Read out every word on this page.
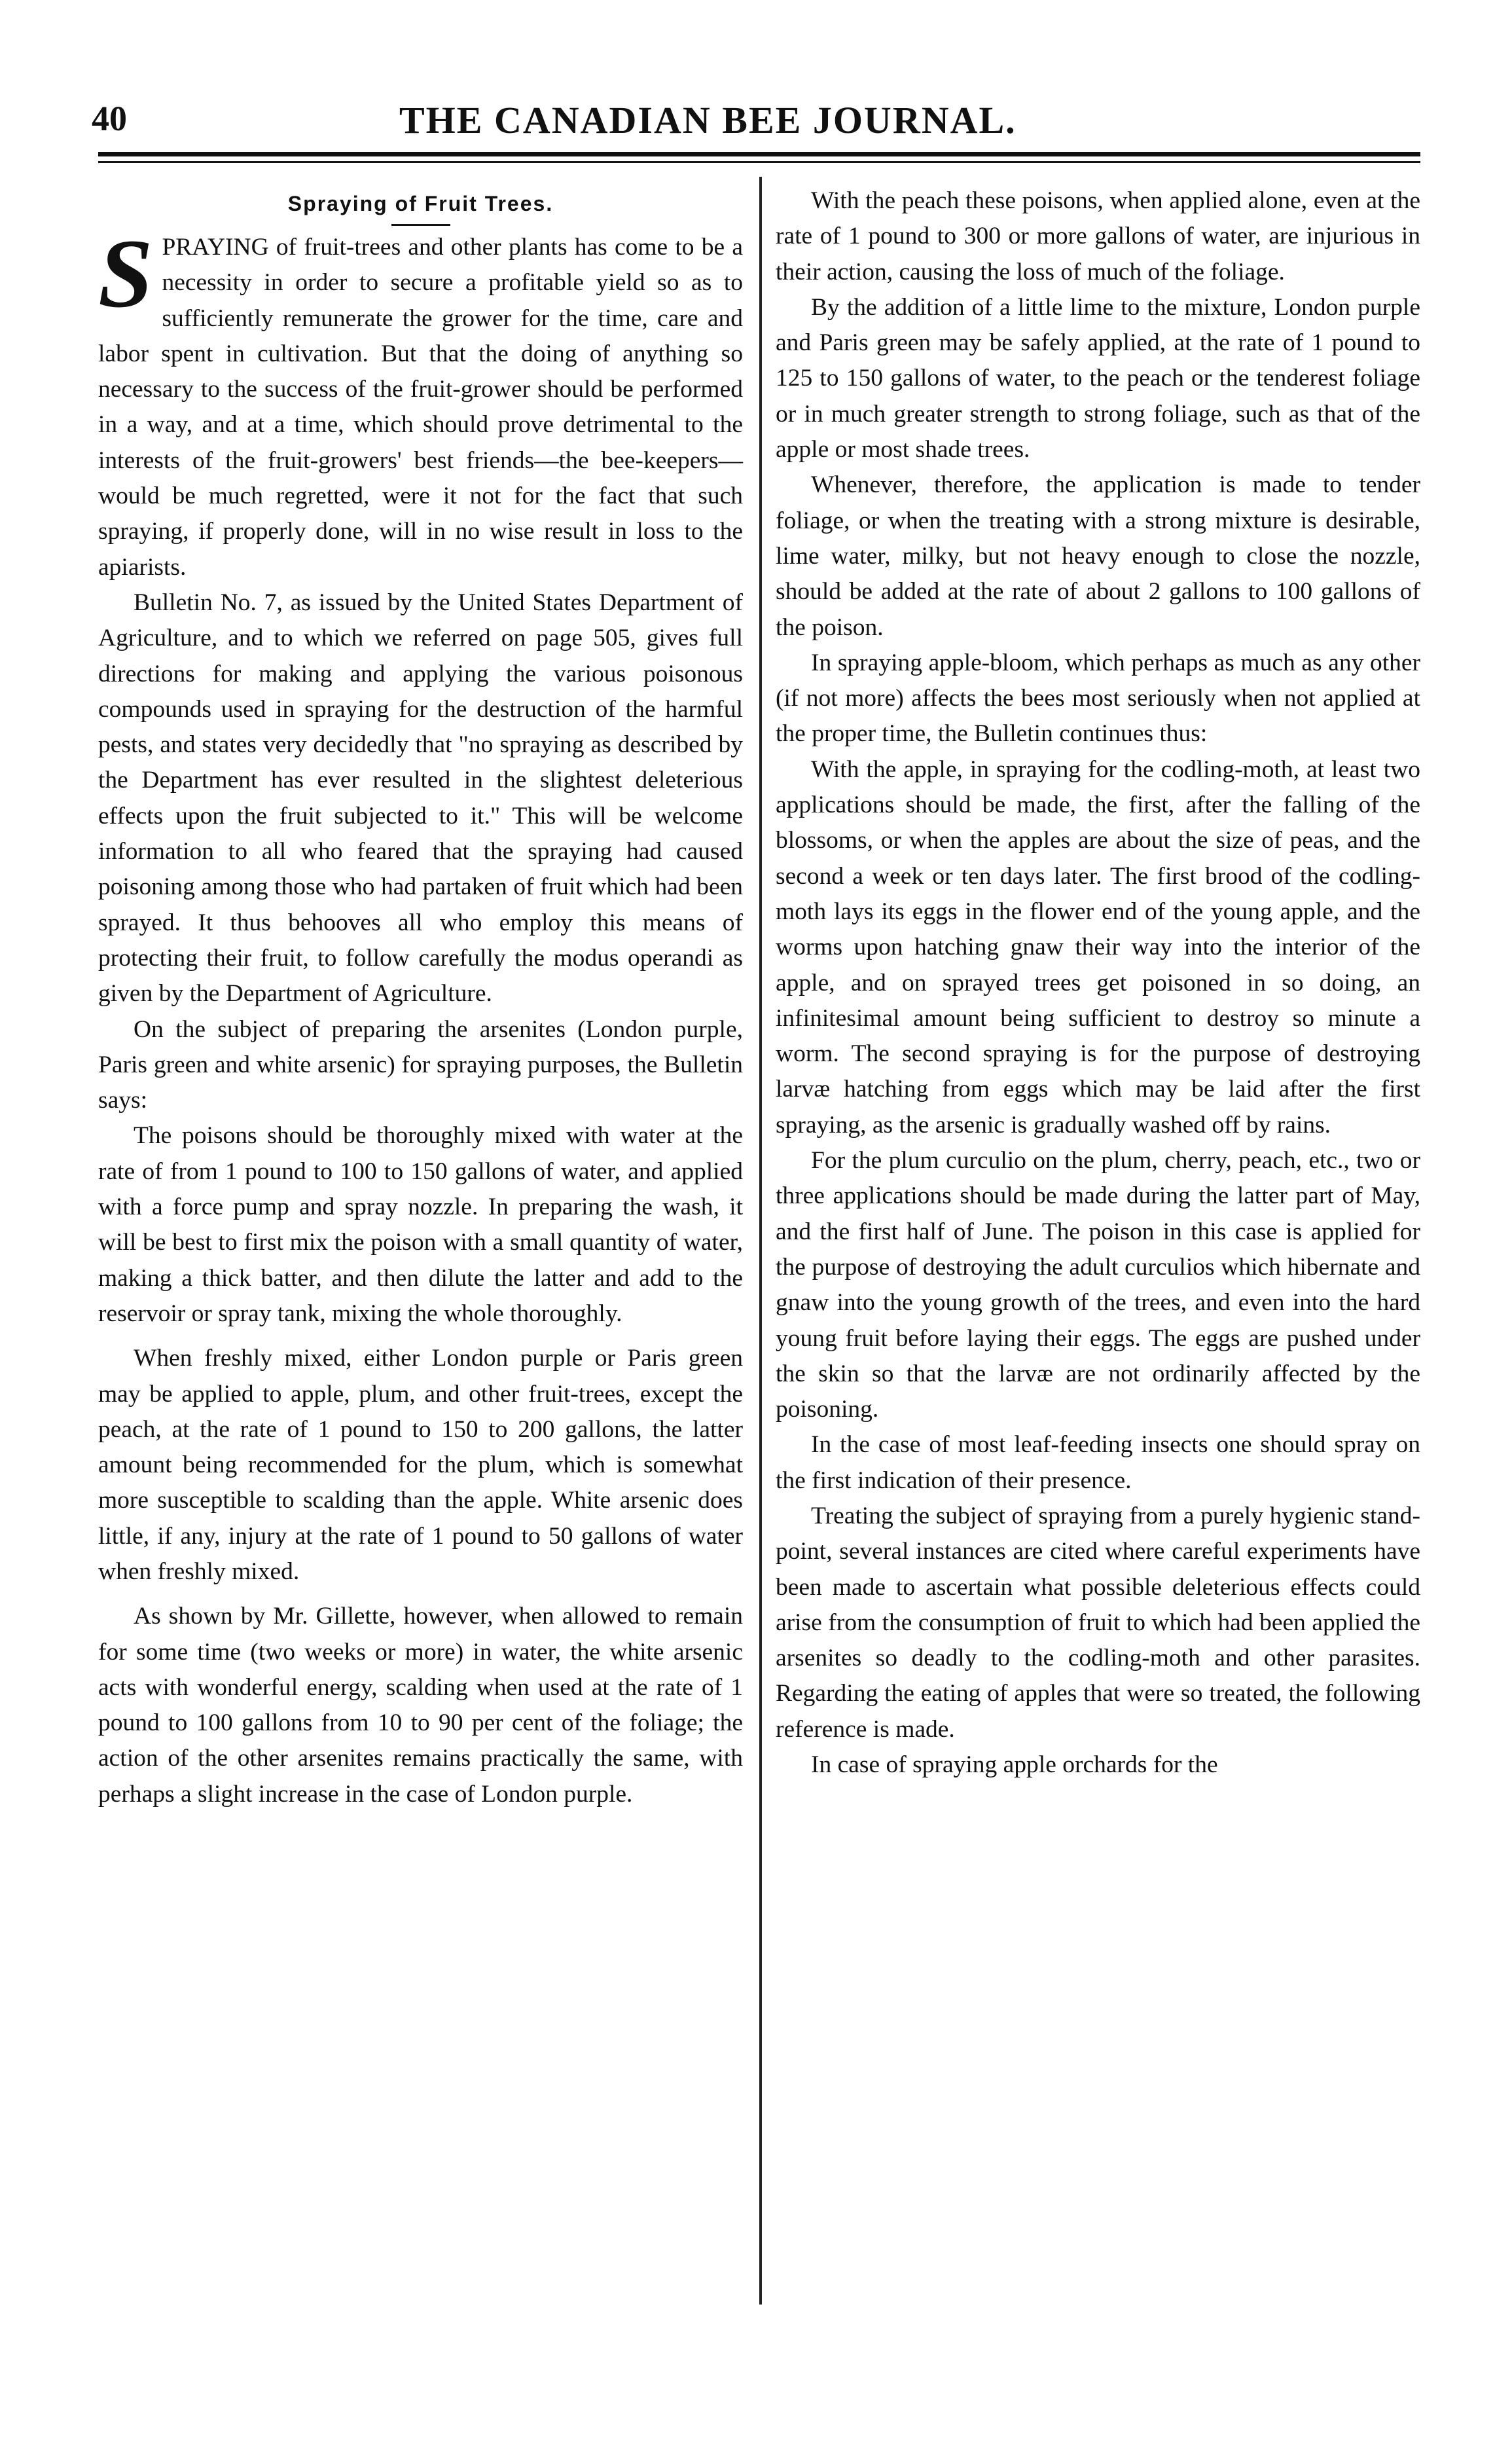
40	THE CANADIAN BEE JOURNAL.
Spraying of Fruit Trees.

SPRAYING of fruit-trees and other plants has come to be a necessity in order to secure a profitable yield so as to sufficiently remunerate the grower for the time, care and labor spent in cultivation. But that the doing of anything so necessary to the success of the fruit-grower should be performed in a way, and at a time, which should prove detrimental to the interests of the fruit-growers' best friends—the bee-keepers—would be much regretted, were it not for the fact that such spraying, if properly done, will in no wise result in loss to the apiarists.

Bulletin No. 7, as issued by the United States Department of Agriculture, and to which we referred on page 505, gives full directions for making and applying the various poisonous compounds used in spraying for the destruction of the harmful pests, and states very decidedly that "no spraying as described by the Department has ever resulted in the slightest deleterious effects upon the fruit subjected to it." This will be welcome information to all who feared that the spraying had caused poisoning among those who had partaken of fruit which had been sprayed. It thus behooves all who employ this means of protecting their fruit, to follow carefully the modus operandi as given by the Department of Agriculture.

On the subject of preparing the arsenites (London purple, Paris green and white arsenic) for spraying purposes, the Bulletin says:

The poisons should be thoroughly mixed with water at the rate of from 1 pound to 100 to 150 gallons of water, and applied with a force pump and spray nozzle. In preparing the wash, it will be best to first mix the poison with a small quantity of water, making a thick batter, and then dilute the latter and add to the reservoir or spray tank, mixing the whole thoroughly.

When freshly mixed, either London purple or Paris green may be applied to apple, plum, and other fruit-trees, except the peach, at the rate of 1 pound to 150 to 200 gallons, the latter amount being recommended for the plum, which is somewhat more susceptible to scalding than the apple. White arsenic does little, if any, injury at the rate of 1 pound to 50 gallons of water when freshly mixed.

As shown by Mr. Gillette, however, when allowed to remain for some time (two weeks or more) in water, the white arsenic acts with wonderful energy, scalding when used at the rate of 1 pound to 100 gallons from 10 to 90 per cent of the foliage; the action of the other arsenites remains practically the same, with perhaps a slight increase in the case of London purple.

With the peach these poisons, when applied alone, even at the rate of 1 pound to 300 or more gallons of water, are injurious in their action, causing the loss of much of the foliage.

By the addition of a little lime to the mixture, London purple and Paris green may be safely applied, at the rate of 1 pound to 125 to 150 gallons of water, to the peach or the tenderest foliage or in much greater strength to strong foliage, such as that of the apple or most shade trees.

Whenever, therefore, the application is made to tender foliage, or when the treating with a strong mixture is desirable, lime water, milky, but not heavy enough to close the nozzle, should be added at the rate of about 2 gallons to 100 gallons of the poison.

In spraying apple-bloom, which perhaps as much as any other (if not more) affects the bees most seriously when not applied at the proper time, the Bulletin continues thus:

With the apple, in spraying for the codling-moth, at least two applications should be made, the first, after the falling of the blossoms, or when the apples are about the size of peas, and the second a week or ten days later. The first brood of the codling-moth lays its eggs in the flower end of the young apple, and the worms upon hatching gnaw their way into the interior of the apple, and on sprayed trees get poisoned in so doing, an infinitesimal amount being sufficient to destroy so minute a worm. The second spraying is for the purpose of destroying larvæ hatching from eggs which may be laid after the first spraying, as the arsenic is gradually washed off by rains.

For the plum curculio on the plum, cherry, peach, etc., two or three applications should be made during the latter part of May, and the first half of June. The poison in this case is applied for the purpose of destroying the adult curculios which hibernate and gnaw into the young growth of the trees, and even into the hard young fruit before laying their eggs. The eggs are pushed under the skin so that the larvæ are not ordinarily affected by the poisoning.

In the case of most leaf-feeding insects one should spray on the first indication of their presence.

Treating the subject of spraying from a purely hygienic stand-point, several instances are cited where careful experiments have been made to ascertain what possible deleterious effects could arise from the consumption of fruit to which had been applied the arsenites so deadly to the codling-moth and other parasites. Regarding the eating of apples that were so treated, the following reference is made.

In case of spraying apple orchards for the
